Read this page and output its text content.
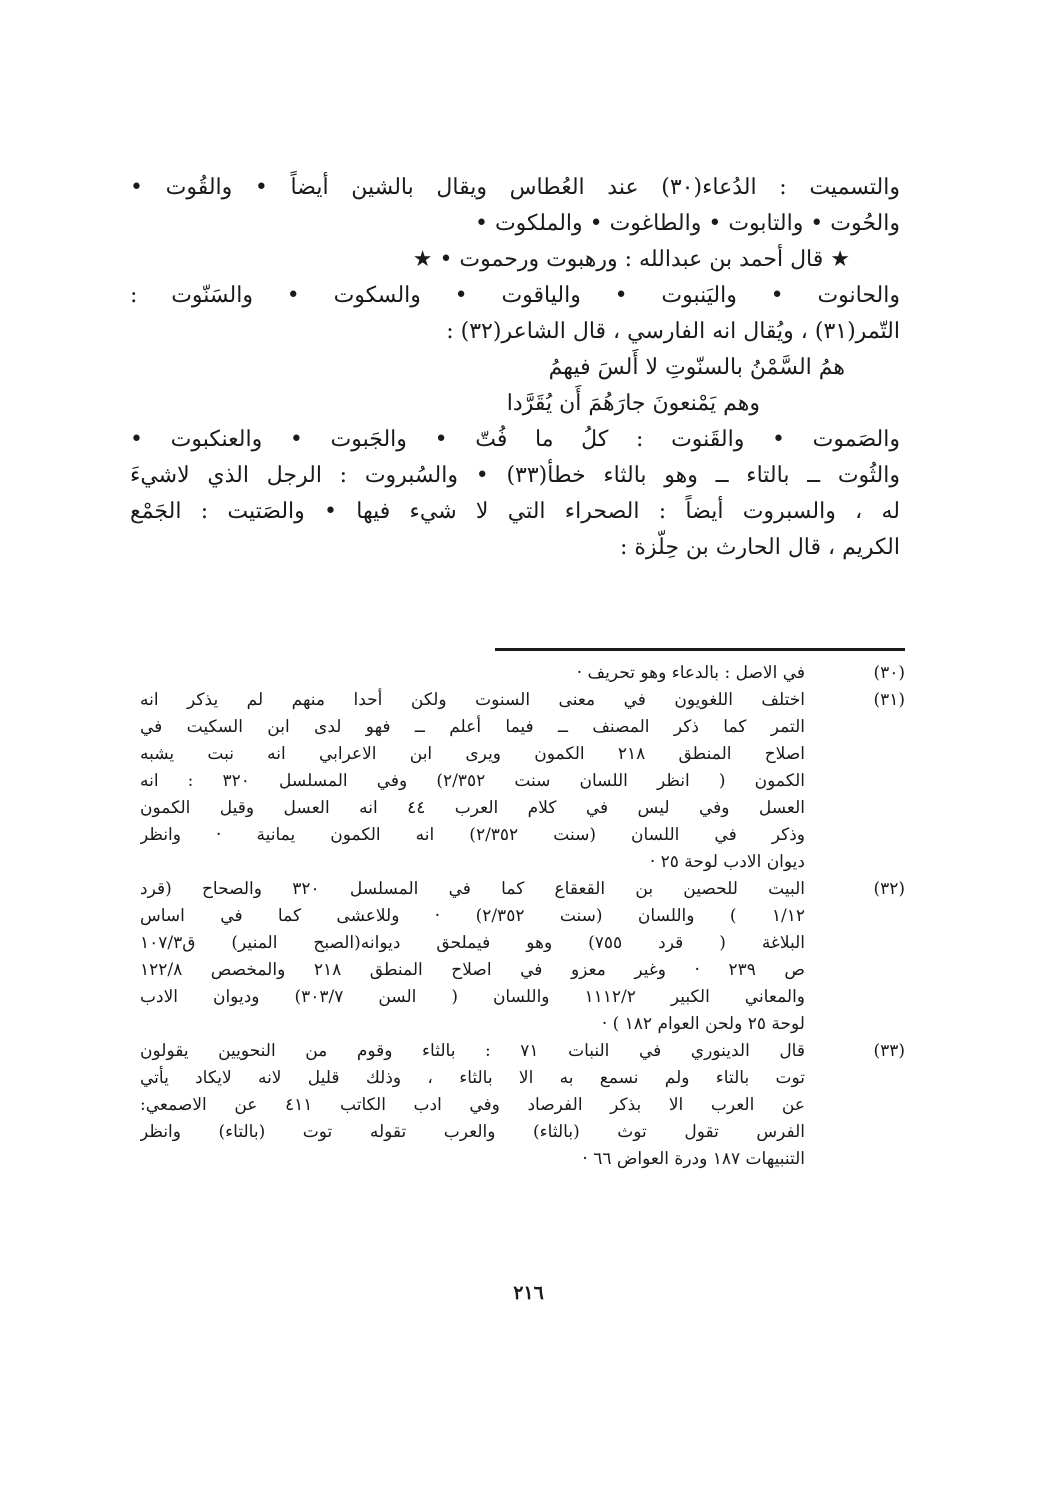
والتسميت : الدُعاء(٣٠) عند العُطاس ويقال بالشين أيضاً • والقُوت •
والحُوت • والتابوت • والطاغوت • والملكوت •
★ قال أحمد بن عبدالله : ورهبوت ورحموت • ★
والحانوت • واليَنبوت • والياقوت • والسكوت • والسَنّوت :
التّمر(٣١) ، ويُقال انه الفارسي ، قال الشاعر(٣٢) :
همُ السَّمْنُ بالسنّوتِ لا أَلسَ فيهمُ
وهم يَمْنعونَ جارَهُمَ أَن يُقَرَّدا
والصَموت • والقَنوت : كلُ ما فُتّ • والجَبوت • والعنكبوت •
والثُوت ــ بالتاء ــ وهو بالثاء خطأ(٣٣) • والسُبروت : الرجل الذي لاشيءَ
له ، والسبروت أيضاً : الصحراء التي لا شيء فيها • والصَتيت : الجَمْع
الكريم ، قال الحارث بن حِلّزة :
(٣٠)
في الاصل : بالدعاء وهو تحريف ·
(٣١)
اختلف اللغويون في معنى السنوت ولكن أحدا منهم لم يذكر انه
التمر كما ذكر المصنف ــ فيما أعلم ــ فهو لدى ابن السكيت في
اصلاح المنطق ٢١٨ الكمون ويرى ابن الاعرابي انه نبت يشبه
الكمون ( انظر اللسان سنت ٢/٣٥٢) وفي المسلسل ٣٢٠ : انه
العسل وفي ليس في كلام العرب ٤٤ انه العسل وقيل الكمون
وذكر في اللسان (سنت ٢/٣٥٢) انه الكمون يمانية · وانظر
ديوان الادب لوحة ٢٥ ·
(٣٢)
البيت للحصين بن القعقاع كما في المسلسل ٣٢٠ والصحاح (قرد
١/١٢ ) واللسان (سنت ٢/٣٥٢) · وللاعشى كما في اساس
البلاغة ( قرد ٧٥٥) وهو فيملحق ديوانه(الصبح المنير) ق١٠٧/٣
ص ٢٣٩ · وغير معزو في اصلاح المنطق ٢١٨ والمخصص ١٢٢/٨
والمعاني الكبير ١١١٢/٢ واللسان ( السن ٣٠٣/٧) وديوان الادب
لوحة ٢٥ ولحن العوام ١٨٢ ) ·
(٣٣)
قال الدينوري في النبات ٧١ : بالثاء وقوم من النحويين يقولون
توت بالتاء ولم نسمع به الا بالثاء ، وذلك قليل لانه لايكاد يأتي
عن العرب الا بذكر الفرصاد وفي ادب الكاتب ٤١١ عن الاصمعي:
الفرس تقول توث (بالثاء) والعرب تقوله توت (بالتاء) وانظر
التنبيهات ١٨٧ ودرة العواض ٦٦ ·
٢١٦
